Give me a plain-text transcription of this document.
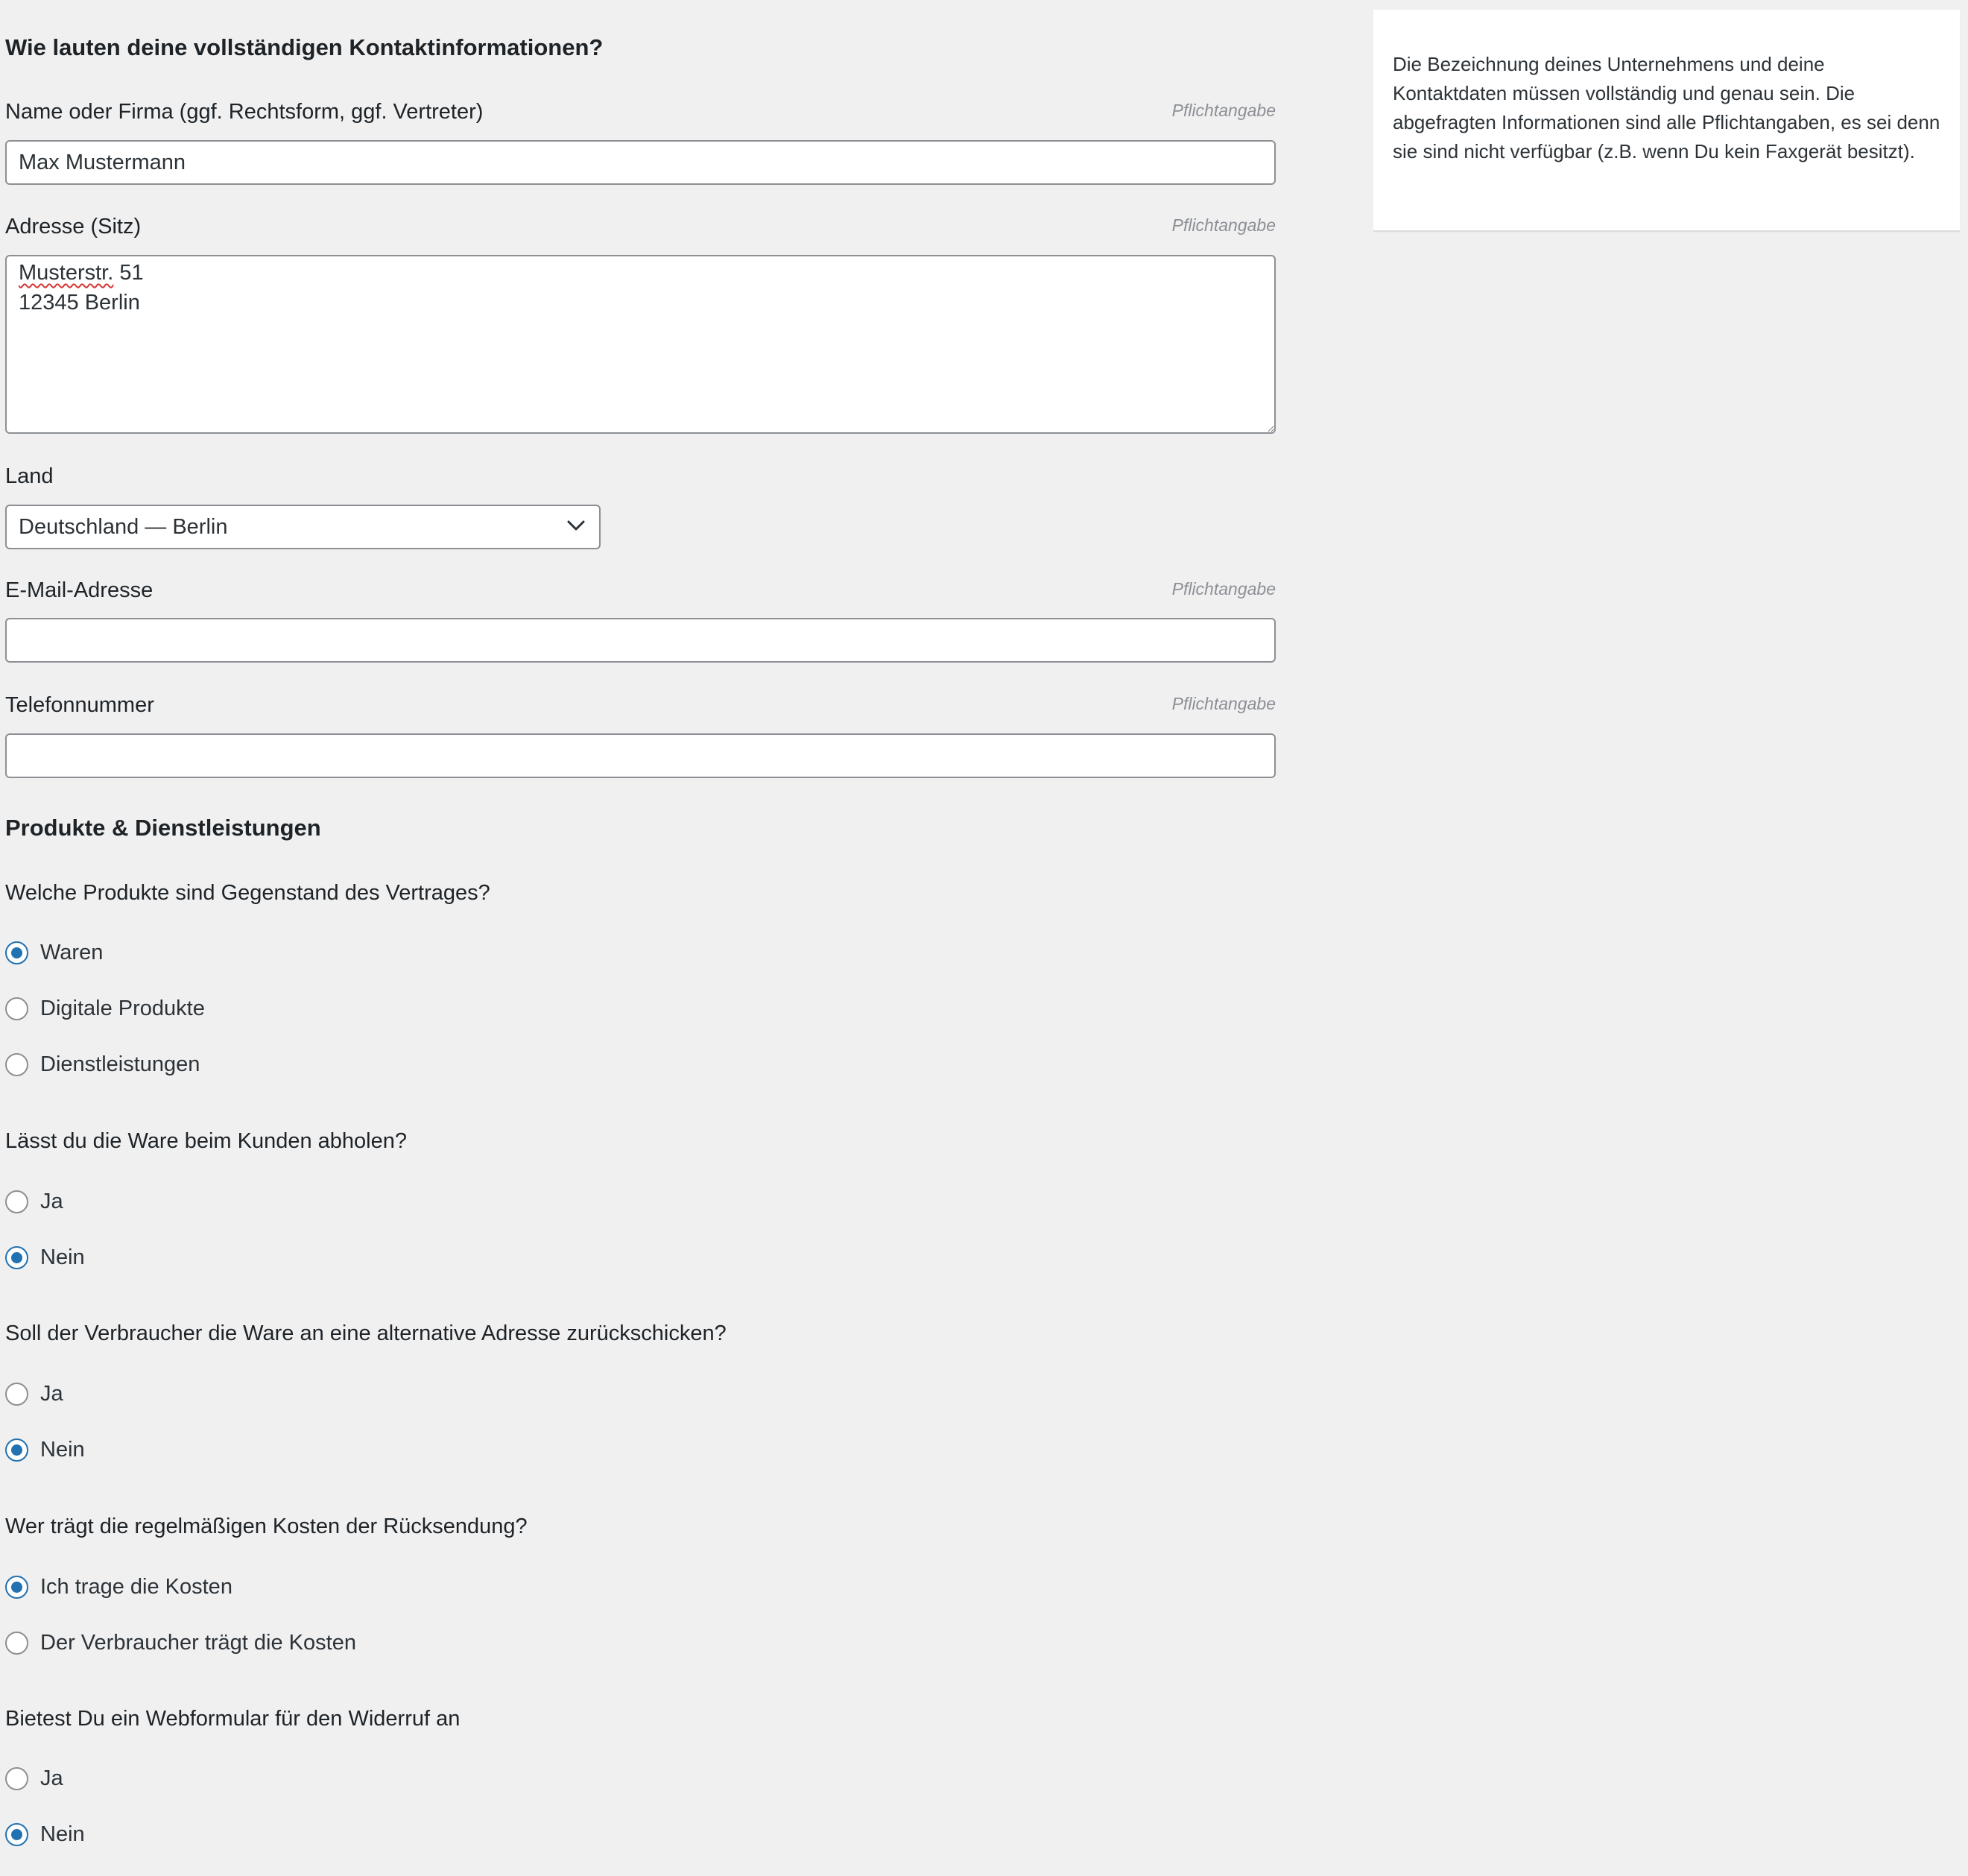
Wie lauten deine vollständigen Kontaktinformationen?
Name oder Firma (ggf. Rechtsform, ggf. Vertreter)	Pflichtangabe
Max Mustermann
Adresse (Sitz)	Pflichtangabe
Musterstr. 51
12345 Berlin
Land
Deutschland — Berlin
E-Mail-Adresse	Pflichtangabe
Telefonnummer	Pflichtangabe
Produkte & Dienstleistungen
Welche Produkte sind Gegenstand des Vertrages?
Waren
Digitale Produkte
Dienstleistungen
Lässt du die Ware beim Kunden abholen?
Ja
Nein
Soll der Verbraucher die Ware an eine alternative Adresse zurückschicken?
Ja
Nein
Wer trägt die regelmäßigen Kosten der Rücksendung?
Ich trage die Kosten
Der Verbraucher trägt die Kosten
Bietest Du ein Webformular für den Widerruf an
Ja
Nein

Die Bezeichnung deines Unternehmens und deine Kontaktdaten müssen vollständig und genau sein. Die abgefragten Informationen sind alle Pflichtangaben, es sei denn sie sind nicht verfügbar (z.B. wenn Du kein Faxgerät besitzt).
